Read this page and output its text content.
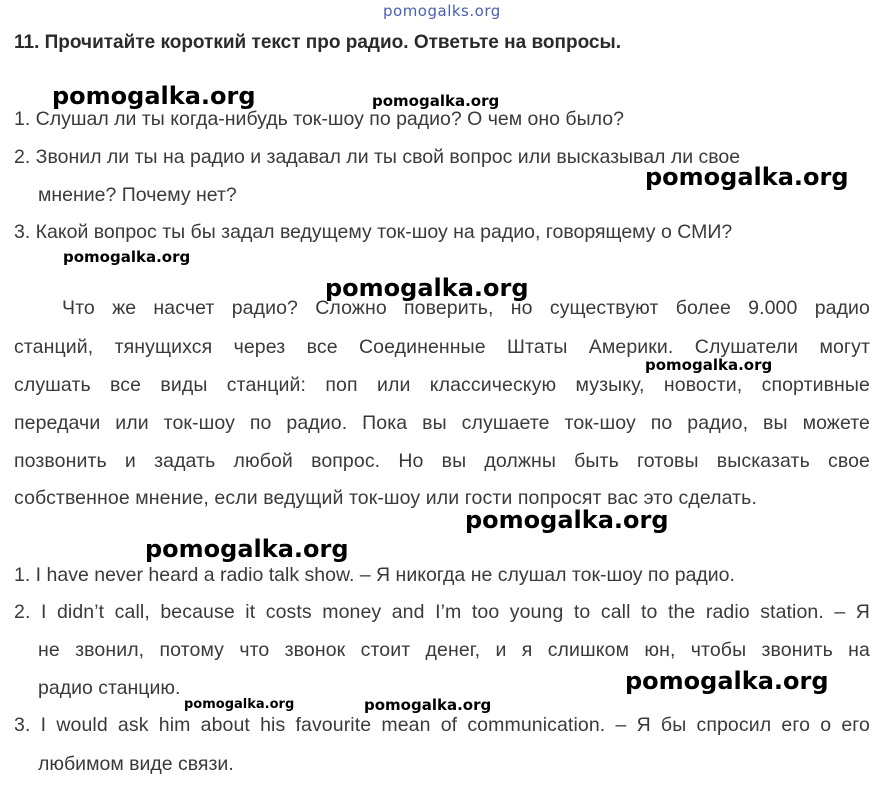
pomogalks.org
11. Прочитайте короткий текст про радио. Ответьте на вопросы.
pomogalka.org	pomogalka.org
1. Слушал ли ты когда-нибудь ток-шоу по радио? О чем оно было?
2. Звонил ли ты на радио и задавал ли ты свой вопрос или высказывал ли свое
pomogalka.org
мнение? Почему нет?
3. Какой вопрос ты бы задал ведущему ток-шоу на радио, говорящему о СМИ?
pomogalka.org
pomogalka.org
Что же насчет радио? Сложно поверить, но существуют более 9.000 радио
станций, тянущихся через все Соединенные Штаты Америки. Слушатели могут
pomogalka.org
слушать все виды станций: поп или классическую музыку, новости, спортивные
передачи или ток-шоу по радио. Пока вы слушаете ток-шоу по радио, вы можете
позвонить и задать любой вопрос. Но вы должны быть готовы высказать свое
собственное мнение, если ведущий ток-шоу или гости попросят вас это сделать.
pomogalka.org
pomogalka.org
1. I have never heard a radio talk show. – Я никогда не слушал ток-шоу по радио.
2. I didn’t call, because it costs money and I’m too young to call to the radio station. – Я
не звонил, потому что звонок стоит денег, и я слишком юн, чтобы звонить на
pomogalka.org
радио станцию.
pomogalka.org	pomogalka.org
3. I would ask him about his favourite mean of communication. – Я бы спросил его о его
любимом виде связи.
